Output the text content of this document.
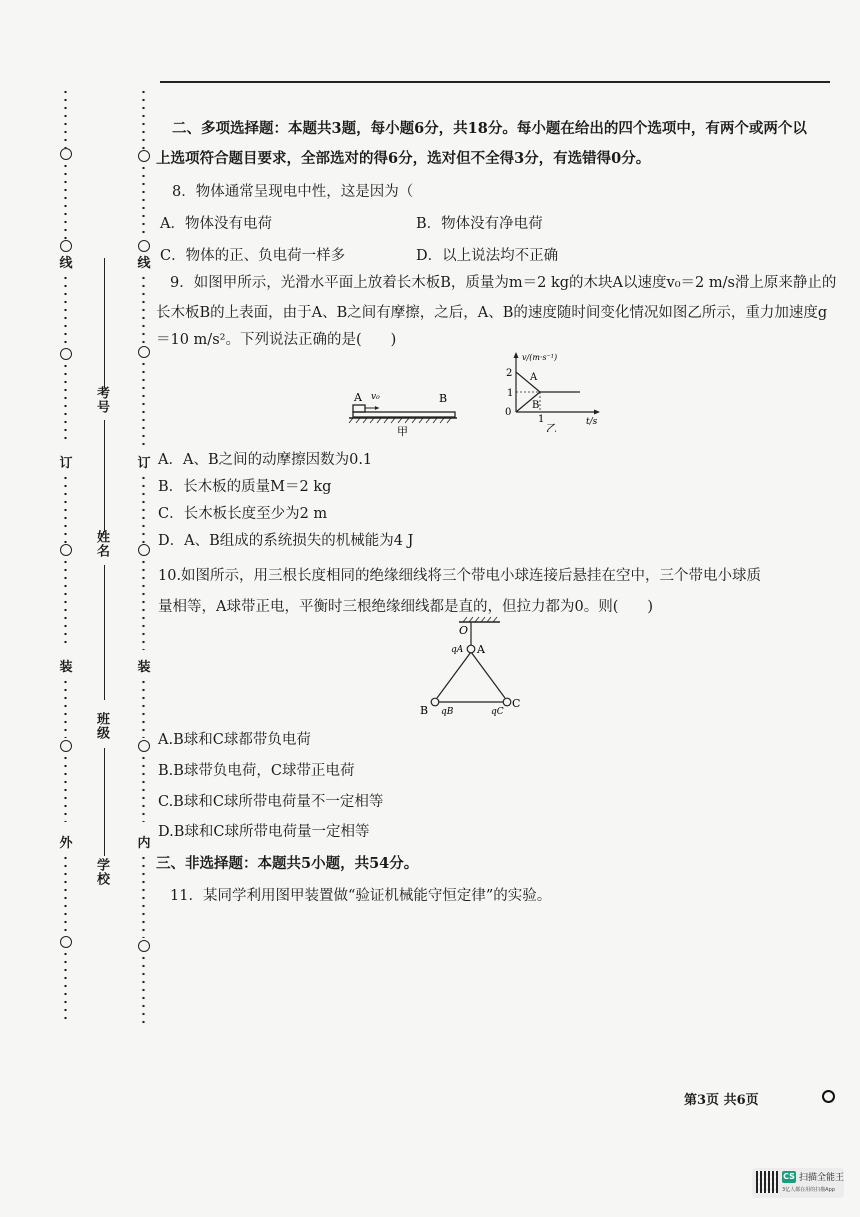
线
订
装
外
线
订
装
内
考号
姓名
班级
学校
二、多项选择题：本题共3题，每小题6分，共18分。每小题在给出的四个选项中，有两个或两个以
上选项符合题目要求，全部选对的得6分，选对但不全得3分，有选错得0分。
8．物体通常呈现电中性，这是因为（
A．物体没有电荷	B．物体没有净电荷
C．物体的正、负电荷一样多	D．以上说法均不正确
9．如图甲所示，光滑水平面上放着长木板B，质量为m＝2 kg的木块A以速度v₀＝2 m/s滑上原来静止的
长木板B的上表面，由于A、B之间有摩擦，之后，A、B的速度随时间变化情况如图乙所示，重力加速度g
＝10 m/s²。下列说法正确的是(　　)
A v₀	B
甲
v/(m·s⁻¹)
2
1
0
1
A
B
t/s
乙
A．A、B之间的动摩擦因数为0.1
B．长木板的质量M＝2 kg
C．长木板长度至少为2 m
D．A、B组成的系统损失的机械能为4 J
10.如图所示，用三根长度相同的绝缘细线将三个带电小球连接后悬挂在空中，三个带电小球质
量相等，A球带正电，平衡时三根绝缘细线都是直的，但拉力都为0。则(　　)
O
qA A
B qB	qC
C
A.B球和C球都带负电荷
B.B球带负电荷，C球带正电荷
C.B球和C球所带电荷量不一定相等
D.B球和C球所带电荷量一定相等
三、非选择题：本题共5小题，共54分。
11．某同学利用图甲装置做“验证机械能守恒定律”的实验。
第3页 共6页
CS 扫描全能王
3亿人都在用的扫描App
